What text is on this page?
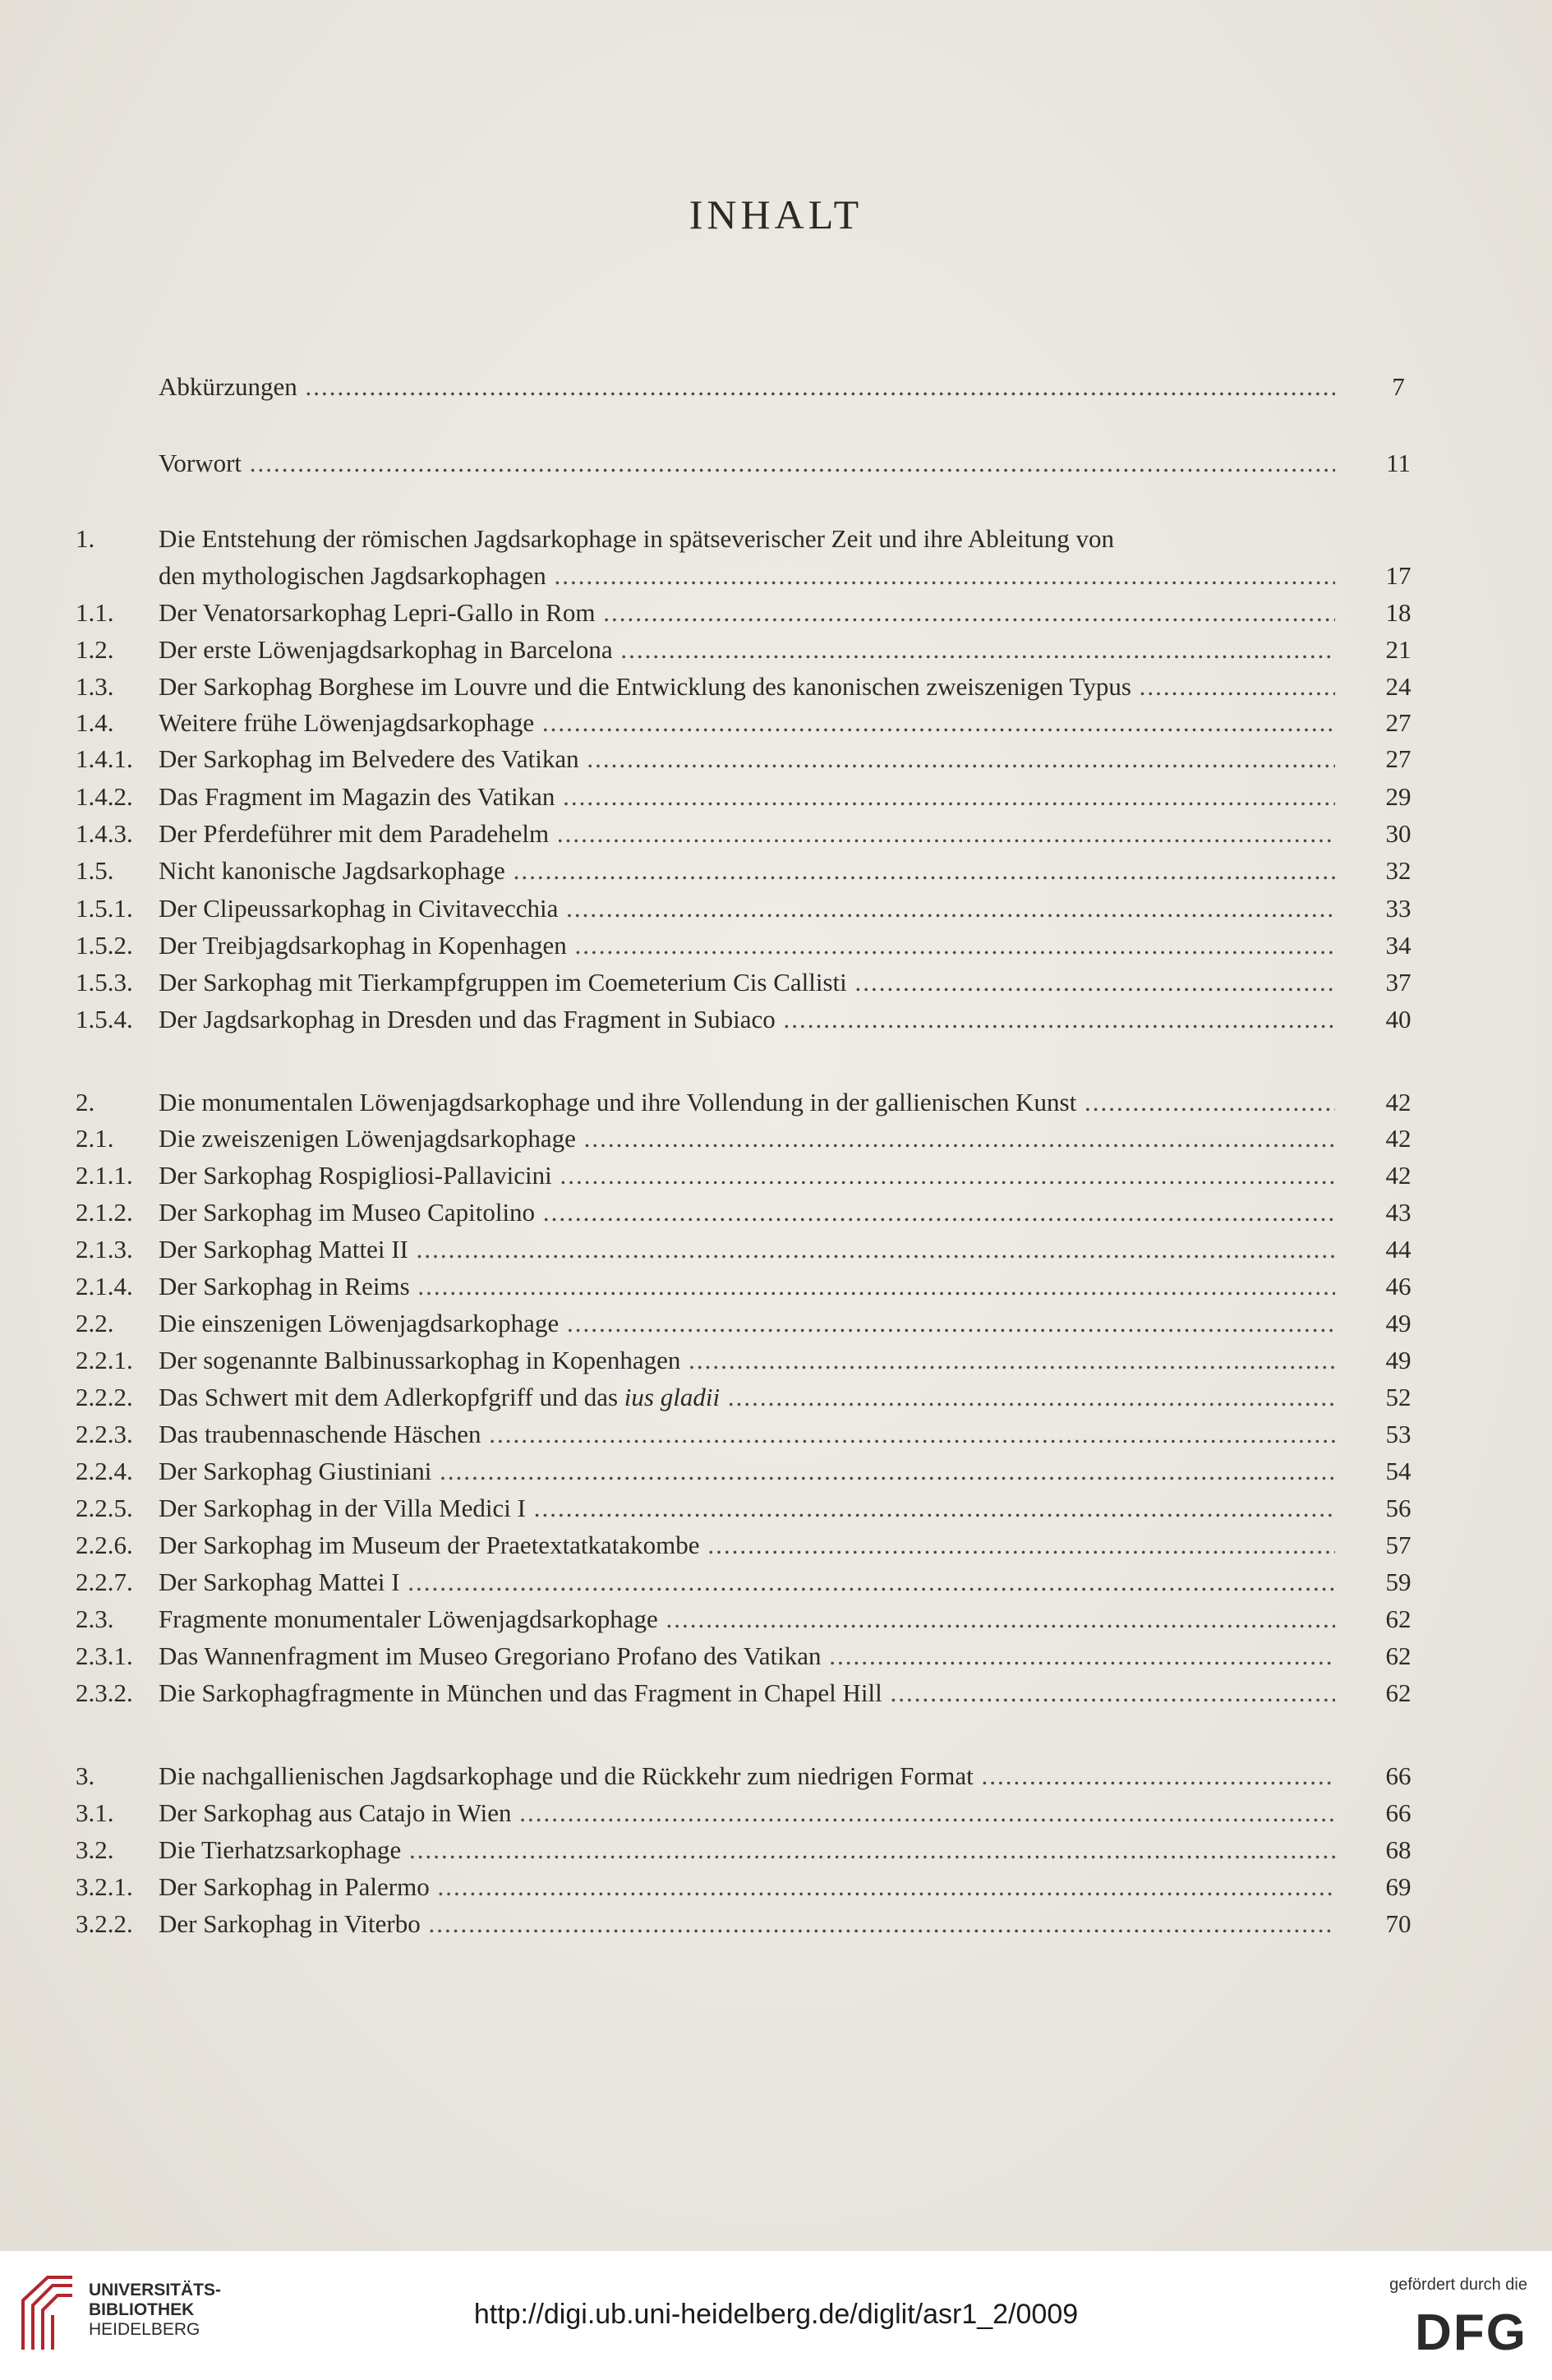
INHALT
Abkürzungen .....	7
Vorwort .....	11
1.	Die Entstehung der römischen Jagdsarkophage in spätseverischer Zeit und ihre Ableitung von
den mythologischen Jagdsarkophagen .....	17
1.1. Der Venatorsarkophag Lepri-Gallo in Rom .....	18
1.2. Der erste Löwenjagdsarkophag in Barcelona .....	21
1.3. Der Sarkophag Borghese im Louvre und die Entwicklung des kanonischen zweiszenigen Typus .....	24
1.4. Weitere frühe Löwenjagdsarkophage .....	27
1.4.1. Der Sarkophag im Belvedere des Vatikan .....	27
1.4.2. Das Fragment im Magazin des Vatikan .....	29
1.4.3. Der Pferdeführer mit dem Paradehelm .....	30
1.5. Nicht kanonische Jagdsarkophage .....	32
1.5.1. Der Clipeussarkophag in Civitavecchia .....	33
1.5.2. Der Treibjagdsarkophag in Kopenhagen .....	34
1.5.3. Der Sarkophag mit Tierkampfgruppen im Coemeterium Cis Callisti .....	37
1.5.4. Der Jagdsarkophag in Dresden und das Fragment in Subiaco .....	40
2.	Die monumentalen Löwenjagdsarkophage und ihre Vollendung in der gallienischen Kunst .....	42
2.1. Die zweiszenigen Löwenjagdsarkophage .....	42
2.1.1. Der Sarkophag Rospigliosi-Pallavicini .....	42
2.1.2. Der Sarkophag im Museo Capitolino .....	43
2.1.3. Der Sarkophag Mattei II .....	44
2.1.4. Der Sarkophag in Reims .....	46
2.2. Die einszenigen Löwenjagdsarkophage .....	49
2.2.1. Der sogenannte Balbinussarkophag in Kopenhagen .....	49
2.2.2. Das Schwert mit dem Adlerkopfgriff und das ius gladii .....	52
2.2.3. Das traubennaschende Häschen .....	53
2.2.4. Der Sarkophag Giustiniani .....	54
2.2.5. Der Sarkophag in der Villa Medici I .....	56
2.2.6. Der Sarkophag im Museum der Praetextatkatakombe .....	57
2.2.7. Der Sarkophag Mattei I .....	59
2.3. Fragmente monumentaler Löwenjagdsarkophage .....	62
2.3.1. Das Wannenfragment im Museo Gregoriano Profano des Vatikan .....	62
2.3.2. Die Sarkophagfragmente in München und das Fragment in Chapel Hill .....	62
3.	Die nachgallienischen Jagdsarkophage und die Rückkehr zum niedrigen Format .....	66
3.1. Der Sarkophag aus Catajo in Wien .....	66
3.2. Die Tierhatzsarkophage .....	68
3.2.1. Der Sarkophag in Palermo .....	69
3.2.2. Der Sarkophag in Viterbo .....	70
UNIVERSITÄTS-
BIBLIOTHEK
HEIDELBERG	http://digi.ub.uni-heidelberg.de/diglit/asr1_2/0009
gefördert durch die
DFG
